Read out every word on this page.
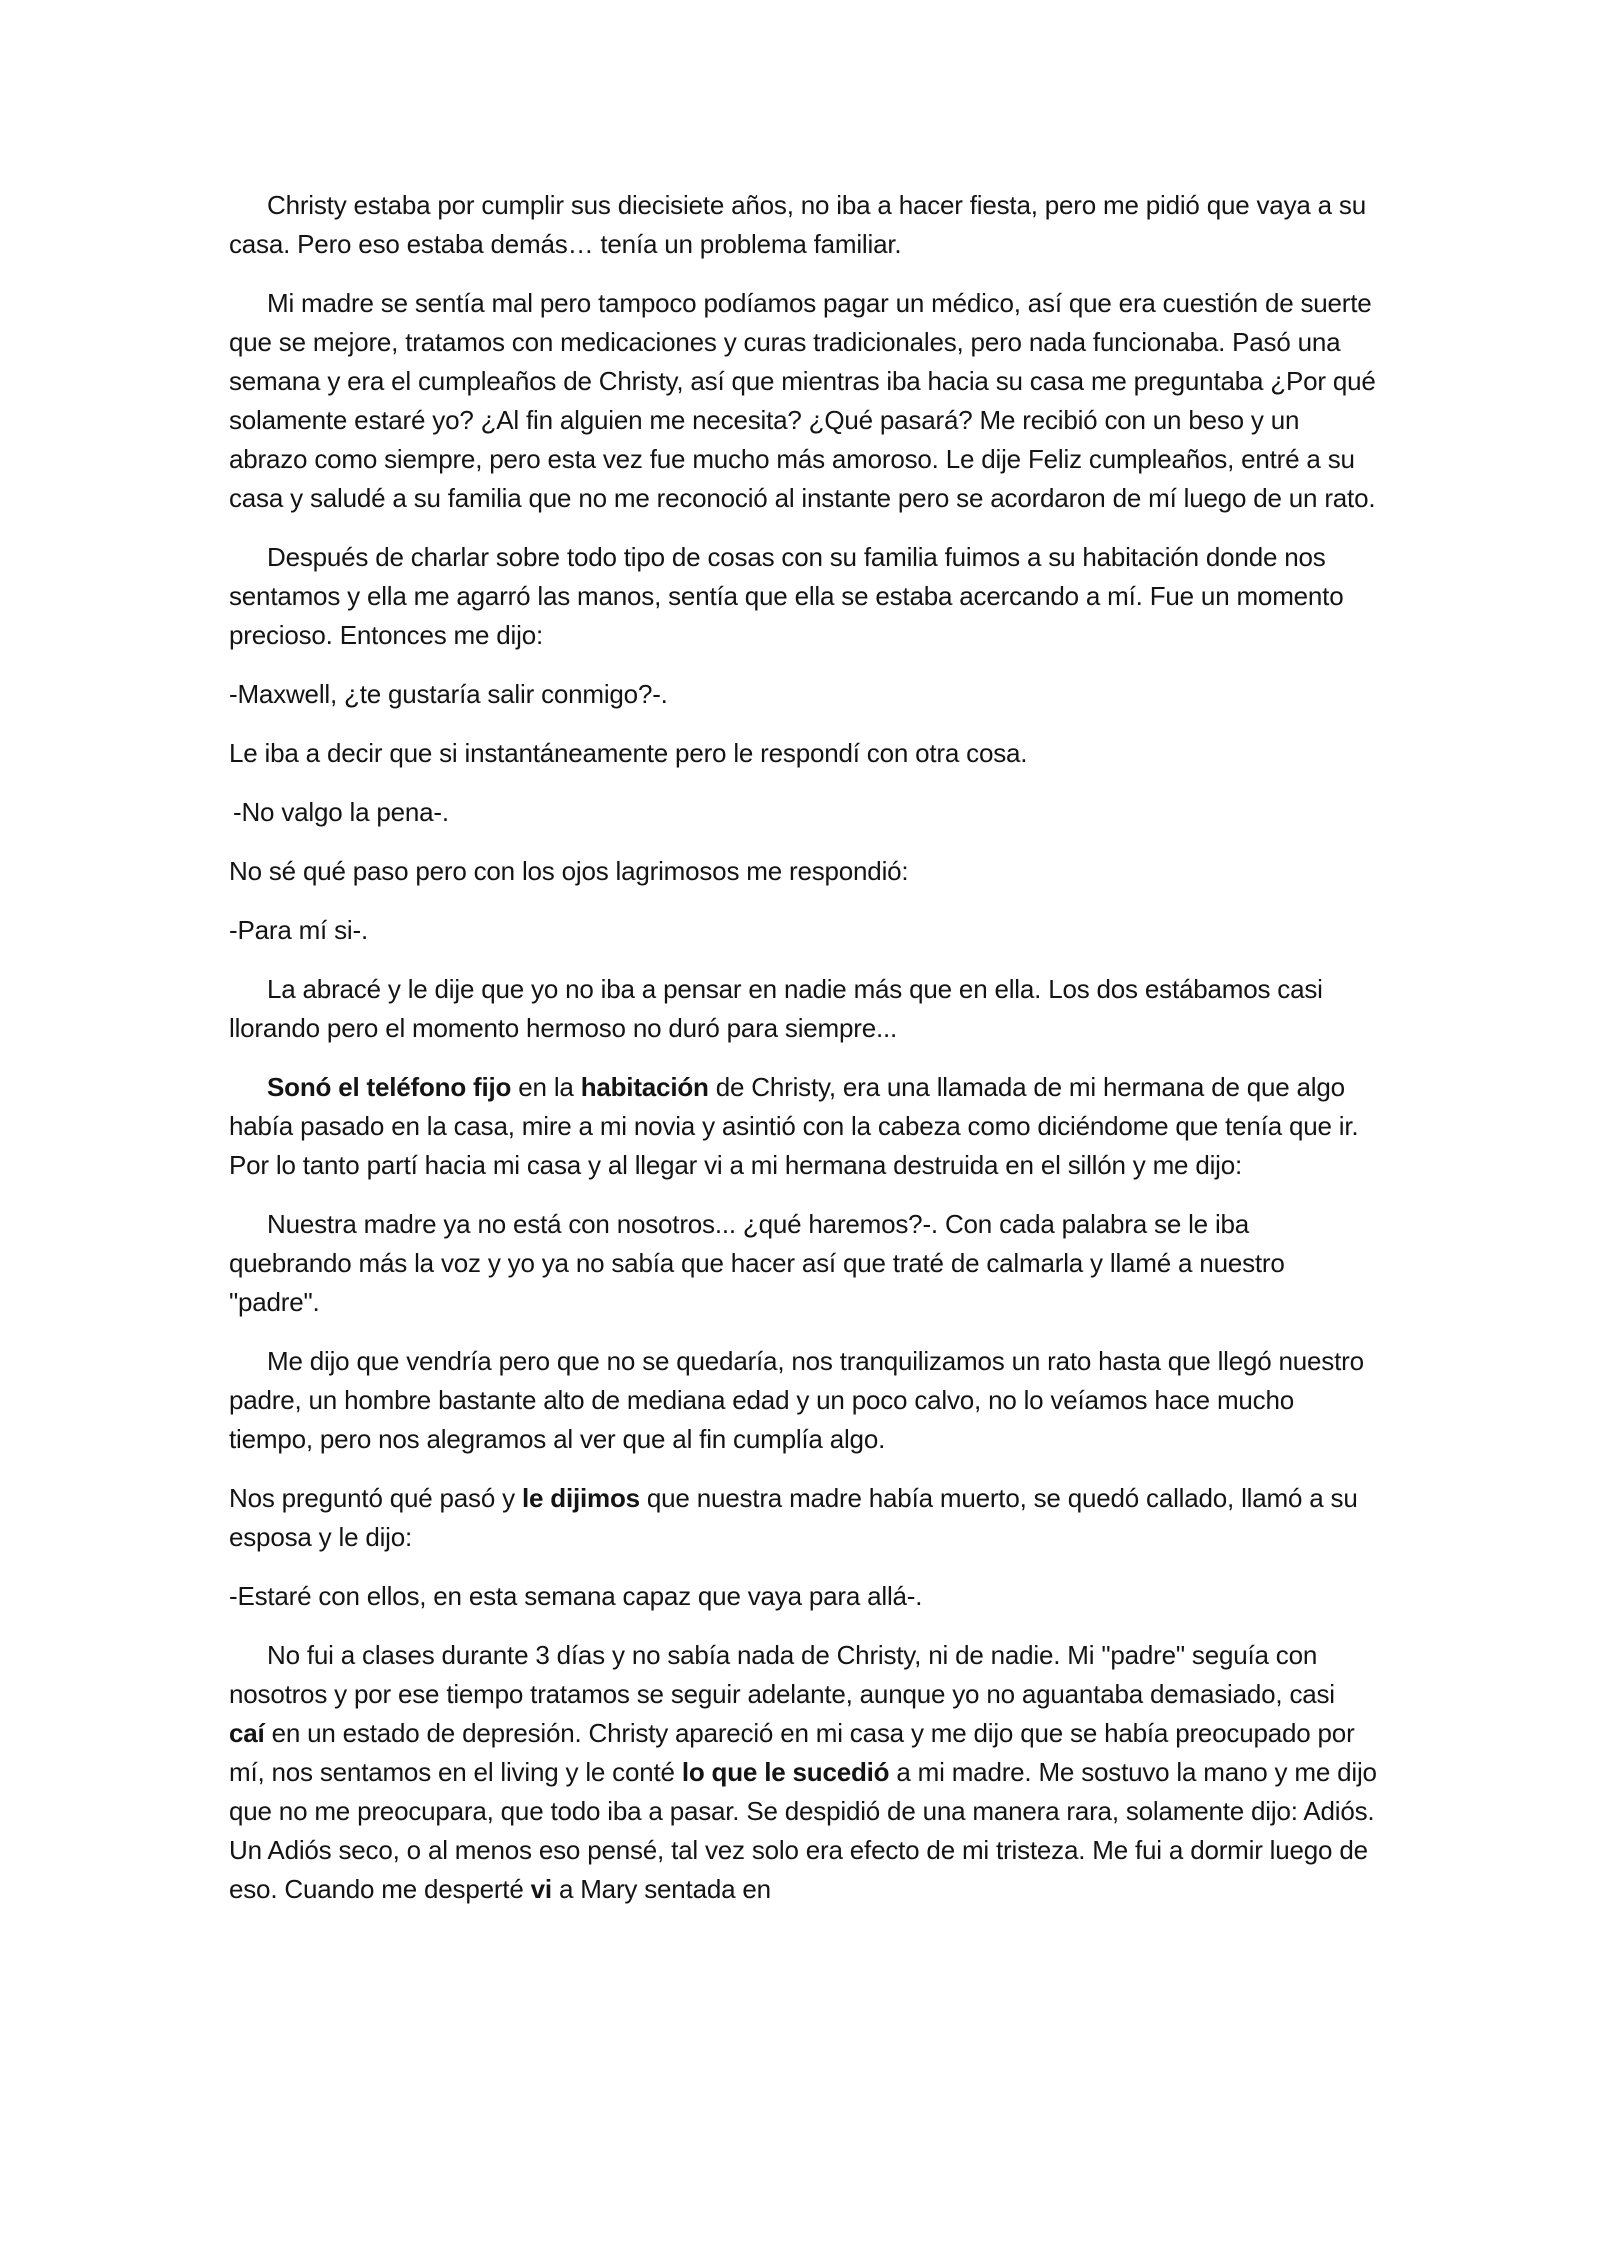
Christy estaba por cumplir sus diecisiete años, no iba a hacer fiesta, pero me pidió que vaya a su casa. Pero eso estaba demás… tenía un problema familiar.

Mi madre se sentía mal pero tampoco podíamos pagar un médico, así que era cuestión de suerte que se mejore, tratamos con medicaciones y curas tradicionales, pero nada funcionaba. Pasó una semana y era el cumpleaños de Christy, así que mientras iba hacia su casa me preguntaba ¿Por qué solamente estaré yo? ¿Al fin alguien me necesita? ¿Qué pasará? Me recibió con un beso y un abrazo como siempre, pero esta vez fue mucho más amoroso. Le dije Feliz cumpleaños, entré a su casa y saludé a su familia que no me reconoció al instante pero se acordaron de mí luego de un rato.

Después de charlar sobre todo tipo de cosas con su familia fuimos a su habitación donde nos sentamos y ella me agarró las manos, sentía que ella se estaba acercando a mí. Fue un momento precioso. Entonces me dijo:

-Maxwell, ¿te gustaría salir conmigo?-.

Le iba a decir que si instantáneamente pero le respondí con otra cosa.

-No valgo la pena-.

No sé qué paso pero con los ojos lagrimosos me respondió:

-Para mí si-.

La abracé y le dije que yo no iba a pensar en nadie más que en ella. Los dos estábamos casi llorando pero el momento hermoso no duró para siempre...

Sonó el teléfono fijo en la habitación de Christy, era una llamada de mi hermana de que algo había pasado en la casa, mire a mi novia y asintió con la cabeza como diciéndome que tenía que ir. Por lo tanto partí hacia mi casa y al llegar vi a mi hermana destruida en el sillón y me dijo:

Nuestra madre ya no está con nosotros... ¿qué haremos?-. Con cada palabra se le iba quebrando más la voz y yo ya no sabía que hacer así que traté de calmarla y llamé a nuestro "padre".

Me dijo que vendría pero que no se quedaría, nos tranquilizamos un rato hasta que llegó nuestro padre, un hombre bastante alto de mediana edad y un poco calvo, no lo veíamos hace mucho tiempo, pero nos alegramos al ver que al fin cumplía algo.

Nos preguntó qué pasó y le dijimos que nuestra madre había muerto, se quedó callado, llamó a su esposa y le dijo:

-Estaré con ellos, en esta semana capaz que vaya para allá-.

No fui a clases durante 3 días y no sabía nada de Christy, ni de nadie. Mi "padre" seguía con nosotros y por ese tiempo tratamos se seguir adelante, aunque yo no aguantaba demasiado, casi caí en un estado de depresión. Christy apareció en mi casa y me dijo que se había preocupado por mí, nos sentamos en el living y le conté lo que le sucedió a mi madre. Me sostuvo la mano y me dijo que no me preocupara, que todo iba a pasar. Se despidió de una manera rara, solamente dijo: Adiós. Un Adiós seco, o al menos eso pensé, tal vez solo era efecto de mi tristeza. Me fui a dormir luego de eso. Cuando me desperté vi a Mary sentada en
